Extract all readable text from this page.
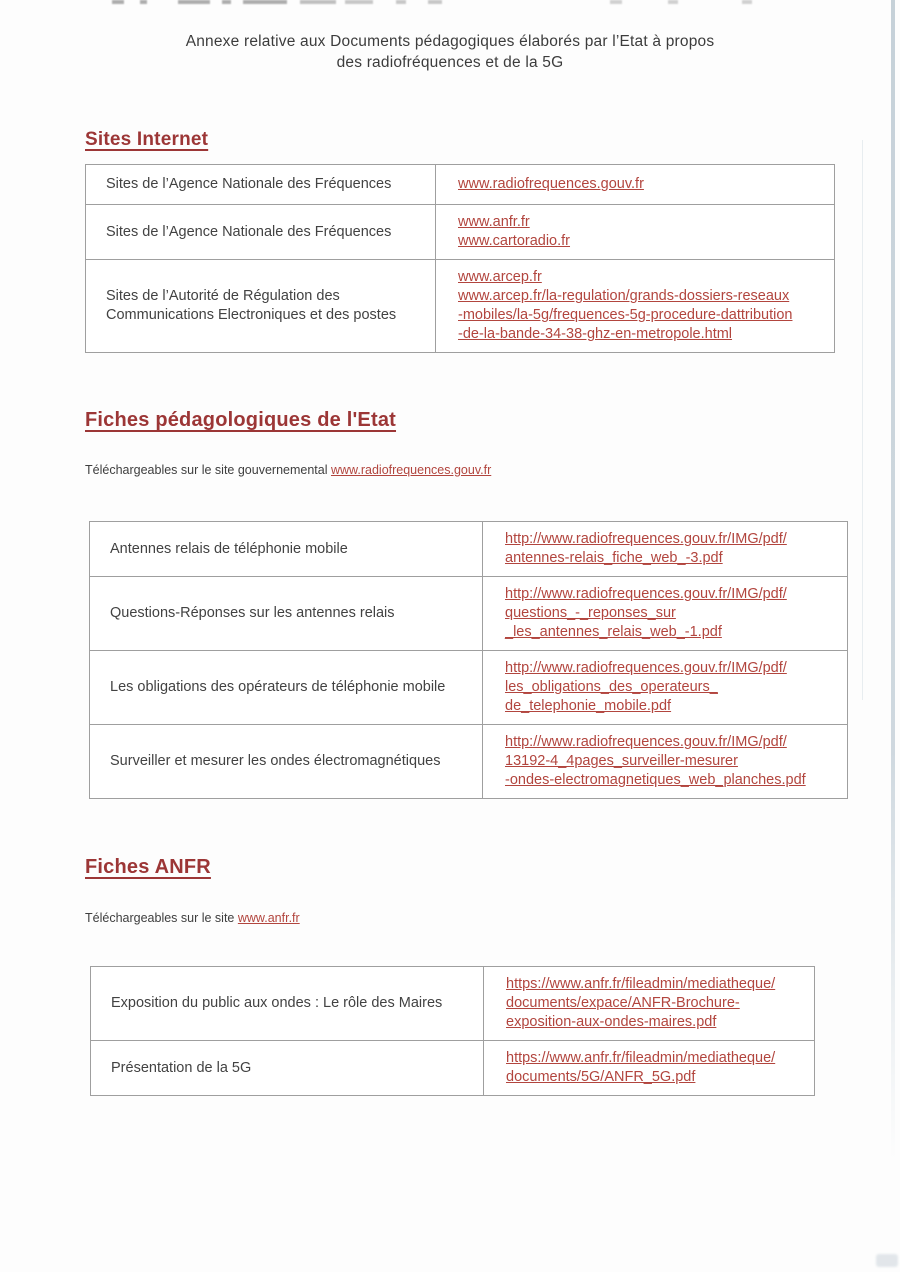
Annexe relative aux Documents pédagogiques élaborés par l’Etat à propos
des radiofréquences et de la 5G
Sites Internet
Sites de l’Agence Nationale des Fréquences	www.radiofrequences.gouv.fr
Sites de l’Agence Nationale des Fréquences
www.anfr.fr
www.cartoradio.fr
Sites de l’Autorité de Régulation des Communications Electroniques et des postes
www.arcep.fr
www.arcep.fr/la-regulation/grands-dossiers-reseaux
-mobiles/la-5g/frequences-5g-procedure-dattribution
-de-la-bande-34-38-ghz-en-metropole.html
Fiches pédagologiques de l'Etat

Téléchargeables sur le site gouvernemental www.radiofrequences.gouv.fr

Antennes relais de téléphonie mobile
http://www.radiofrequences.gouv.fr/IMG/pdf/
antennes-relais_fiche_web_-3.pdf
Questions-Réponses sur les antennes relais
http://www.radiofrequences.gouv.fr/IMG/pdf/
questions_-_reponses_sur
_les_antennes_relais_web_-1.pdf
Les obligations des opérateurs de téléphonie mobile
http://www.radiofrequences.gouv.fr/IMG/pdf/
les_obligations_des_operateurs_
de_telephonie_mobile.pdf
Surveiller et mesurer les ondes électromagnétiques
http://www.radiofrequences.gouv.fr/IMG/pdf/
13192-4_4pages_surveiller-mesurer
-ondes-electromagnetiques_web_planches.pdf
Fiches ANFR

Téléchargeables sur le site www.anfr.fr

Exposition du public aux ondes : Le rôle des Maires
https://www.anfr.fr/fileadmin/mediatheque/
documents/expace/ANFR-Brochure-
exposition-aux-ondes-maires.pdf
Présentation de la 5G
https://www.anfr.fr/fileadmin/mediatheque/
documents/5G/ANFR_5G.pdf
